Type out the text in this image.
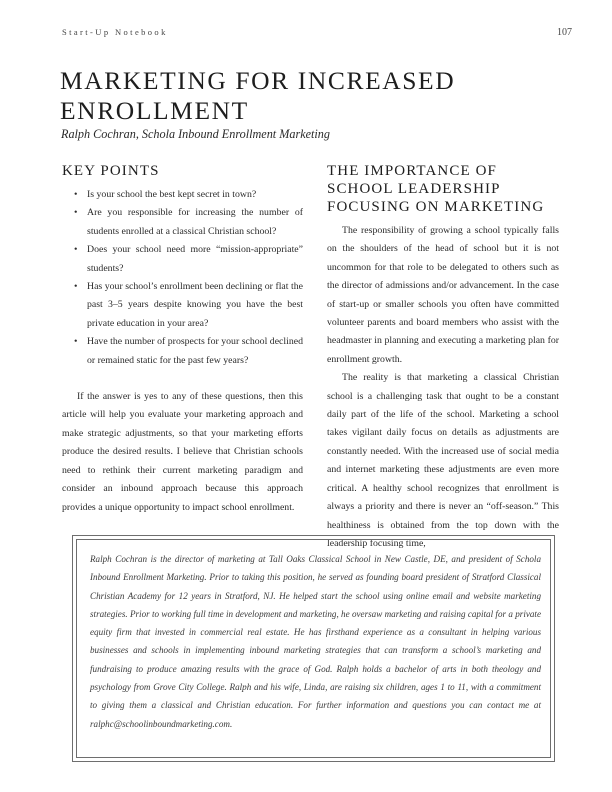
Start-Up Notebook	107
MARKETING FOR INCREASED ENROLLMENT

Ralph Cochran, Schola Inbound Enrollment Marketing

KEY POINTS
• Is your school the best kept secret in town?
• Are you responsible for increasing the number of students enrolled at a classical Christian school?
• Does your school need more “mission-appropriate” students?
• Has your school’s enrollment been declining or flat the past 3–5 years despite knowing you have the best private education in your area?
• Have the number of prospects for your school declined or remained static for the past few years?

If the answer is yes to any of these questions, then this article will help you evaluate your marketing approach and make strategic adjustments, so that your marketing efforts produce the desired results. I believe that Christian schools need to rethink their current marketing paradigm and consider an inbound approach because this approach provides a unique opportunity to impact school enrollment.

THE IMPORTANCE OF
SCHOOL LEADERSHIP
FOCUSING ON MARKETING

The responsibility of growing a school typically falls on the shoulders of the head of school but it is not uncommon for that role to be delegated to others such as the director of admissions and/or advancement. In the case of start-up or smaller schools you often have committed volunteer parents and board members who assist with the headmaster in planning and executing a marketing plan for enrollment growth.

The reality is that marketing a classical Christian school is a challenging task that ought to be a constant daily part of the life of the school. Marketing a school takes vigilant daily focus on details as adjustments are constantly needed. With the increased use of social media and internet marketing these adjustments are even more critical. A healthy school recognizes that enrollment is always a priority and there is never an “off-season.” This healthiness is obtained from the top down with the leadership focusing time,

Ralph Cochran is the director of marketing at Tall Oaks Classical School in New Castle, DE, and president of Schola Inbound Enrollment Marketing. Prior to taking this position, he served as founding board president of Stratford Classical Christian Academy for 12 years in Stratford, NJ. He helped start the school using online email and website marketing strategies. Prior to working full time in development and marketing, he oversaw marketing and raising capital for a private equity firm that invested in commercial real estate. He has firsthand experience as a consultant in helping various businesses and schools in implementing inbound marketing strategies that can transform a school’s marketing and fundraising to produce amazing results with the grace of God. Ralph holds a bachelor of arts in both theology and psychology from Grove City College. Ralph and his wife, Linda, are raising six children, ages 1 to 11, with a commitment to giving them a classical and Christian education. For further information and questions you can contact me at ralphc@schoolinboundmarketing.com.
